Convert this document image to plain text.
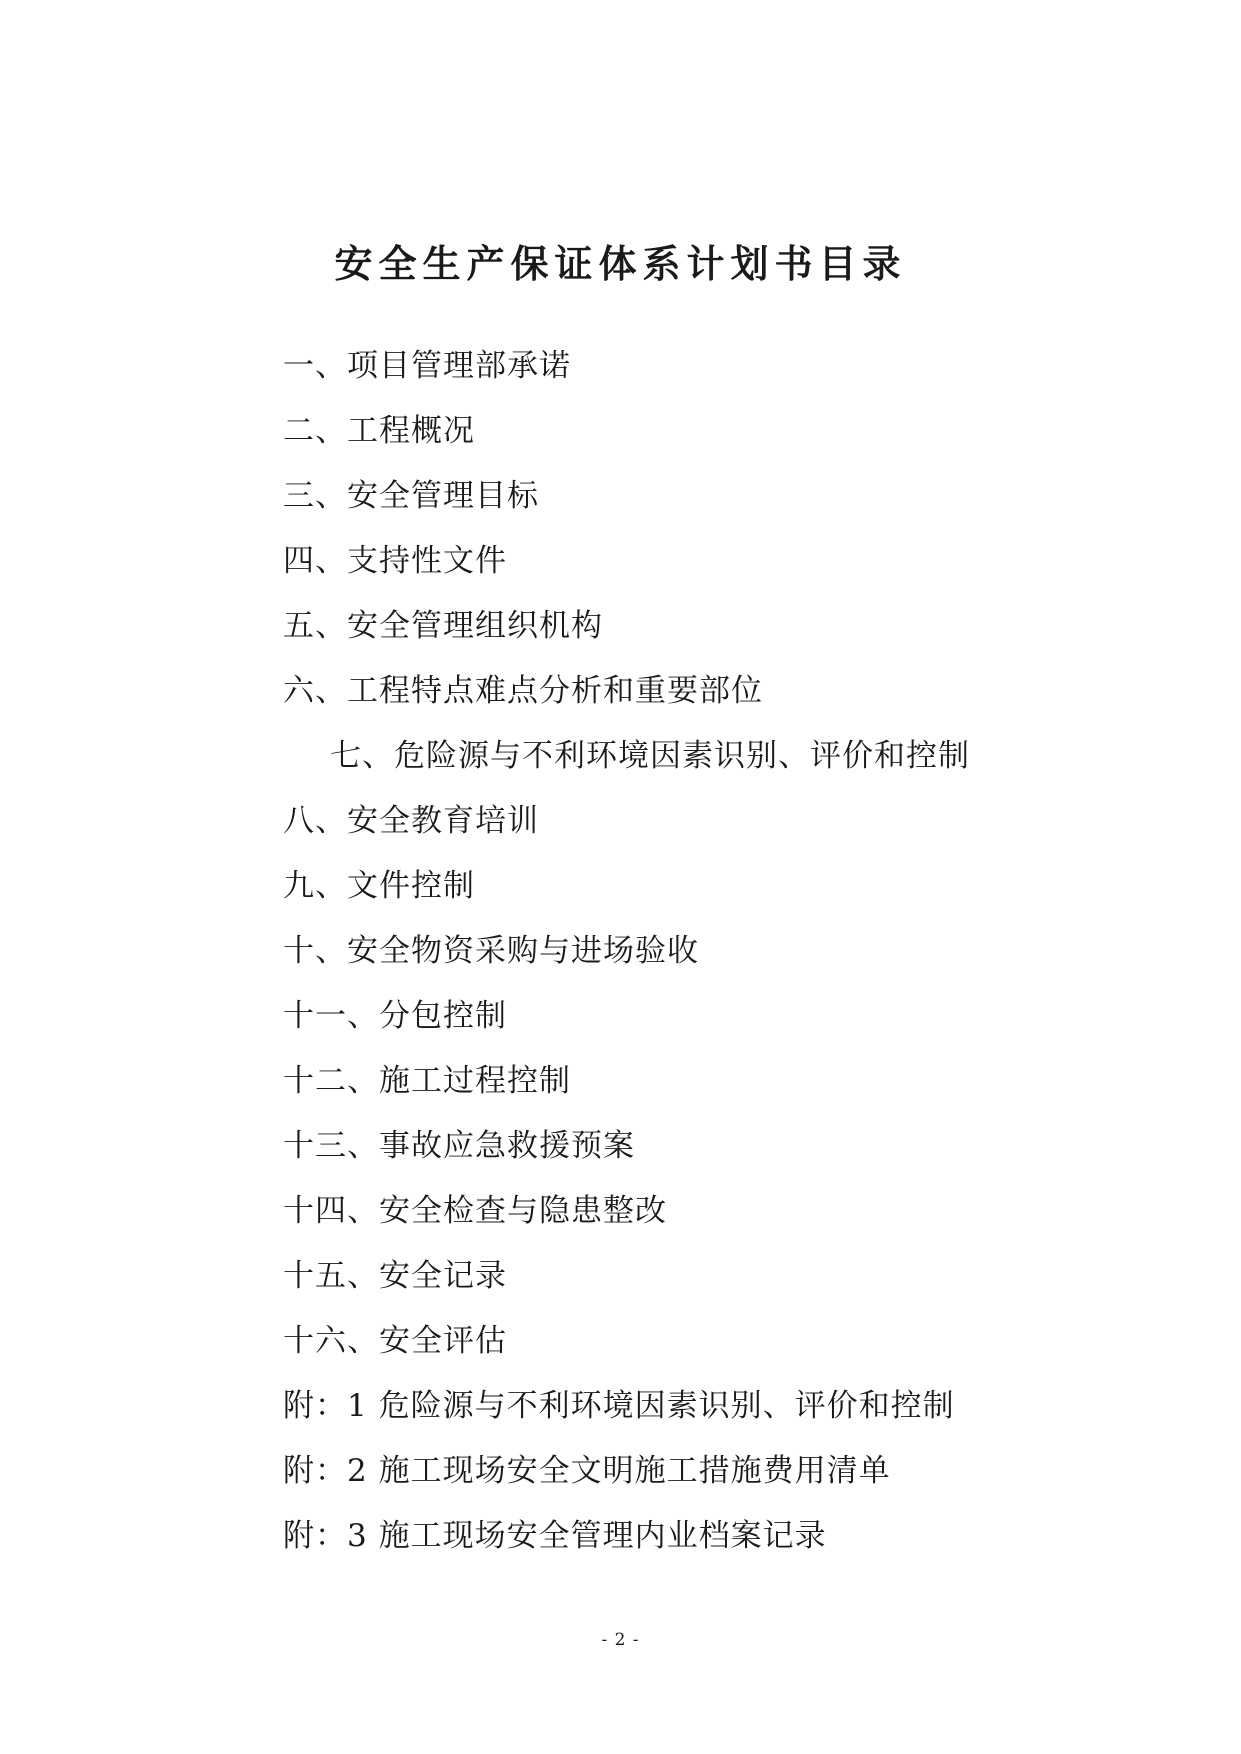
安全生产保证体系计划书目录
一、项目管理部承诺
二、工程概况
三、安全管理目标
四、支持性文件
五、安全管理组织机构
六、工程特点难点分析和重要部位
七、危险源与不利环境因素识别、评价和控制
八、安全教育培训
九、文件控制
十、安全物资采购与进场验收
十一、分包控制
十二、施工过程控制
十三、事故应急救援预案
十四、安全检查与隐患整改
十五、安全记录
十六、安全评估
附：1 危险源与不利环境因素识别、评价和控制
附：2 施工现场安全文明施工措施费用清单
附：3 施工现场安全管理内业档案记录
- 2 -
